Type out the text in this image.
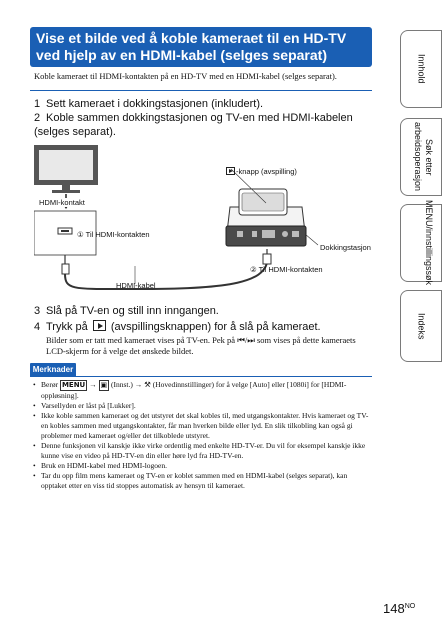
Vise et bilde ved å koble kameraet til en HD-TV ved hjelp av en HDMI-kabel (selges separat)

Koble kameraet til HDMI-kontakten på en HD-TV med en HDMI-kabel (selges separat).

1 Sett kameraet i dokkingstasjonen (inkludert).
2 Koble sammen dokkingstasjonen og TV-en med HDMI-kabelen (selges separat).
HDMI-kontakt
① Til HDMI-kontakten
-knapp (avspilling)
Dokkingstasjon
② Til HDMI-kontakten
HDMI-kabel
3 Slå på TV-en og still inn inngangen.
4 Trykk på (avspillingsknappen) for å slå på kameraet.

Bilder som er tatt med kameraet vises på TV-en. Pek på ⏮/⏭ som vises på dette kameraets LCD-skjerm for å velge det ønskede bildet.

Merknader
• Berør MENU → ▣ (Innst.) → ⚒ (Hovedinnstillinger) for å velge [Auto] eller [1080i] for [HDMI-oppløsning].
• Varsellyden er låst på [Lukker].
• Ikke koble sammen kameraet og det utstyret det skal kobles til, med utgangskontakter. Hvis kameraet og TV-en kobles sammen med utgangskontakter, får man hverken bilde eller lyd. En slik tilkobling kan også gi problemer med kameraet og/eller det tilkoblede utstyret.
• Denne funksjonen vil kanskje ikke virke ordentlig med enkelte HD-TV-er. Du vil for eksempel kanskje ikke kunne vise en video på HD-TV-en din eller høre lyd fra HD-TV-en.
• Bruk en HDMI-kabel med HDMI-logoen.
• Tar du opp film mens kameraet og TV-en er koblet sammen med en HDMI-kabel (selges separat), kan opptaket etter en viss tid stoppes automatisk av hensyn til kameraet.
Innhold
Søk etter arbeidsoperasjon
MENU/innstillingssøk
Indeks
$148^{NO}$
